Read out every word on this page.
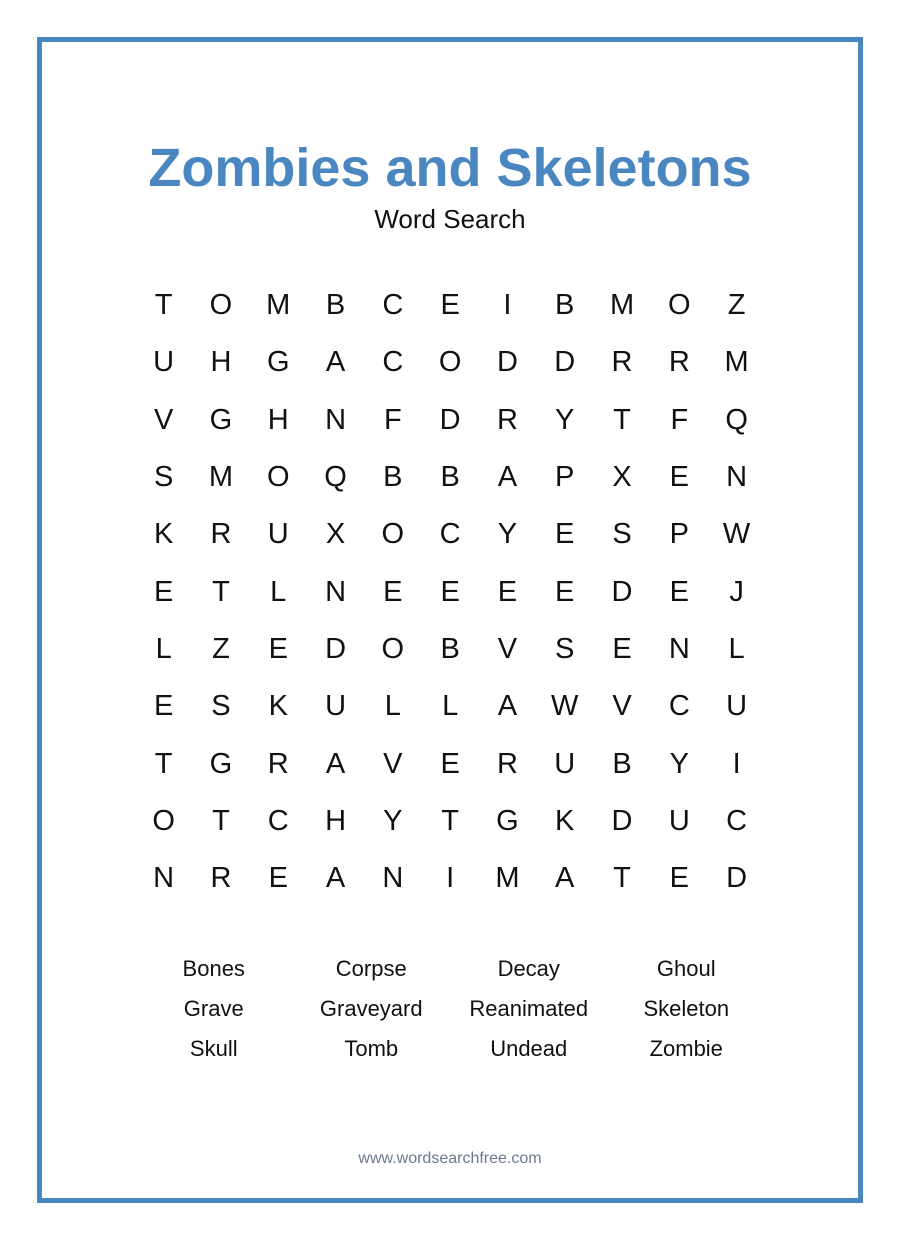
Zombies and Skeletons
Word Search
T	O	M	B	C	E	I	B	M	O	Z
U	H	G	A	C	O	D	D	R	R	M
V	G	H	N	F	D	R	Y	T	F	Q
S	M	O	Q	B	B	A	P	X	E	N
K	R	U	X	O	C	Y	E	S	P	W
E	T	L	N	E	E	E	E	D	E	J
L	Z	E	D	O	B	V	S	E	N	L
E	S	K	U	L	L	A	W	V	C	U
T	G	R	A	V	E	R	U	B	Y	I
O	T	C	H	Y	T	G	K	D	U	C
N	R	E	A	N	I	M	A	T	E	D
Bones	Corpse	Decay	Ghoul
Grave	Graveyard	Reanimated	Skeleton
Skull	Tomb	Undead	Zombie
www.wordsearchfree.com
